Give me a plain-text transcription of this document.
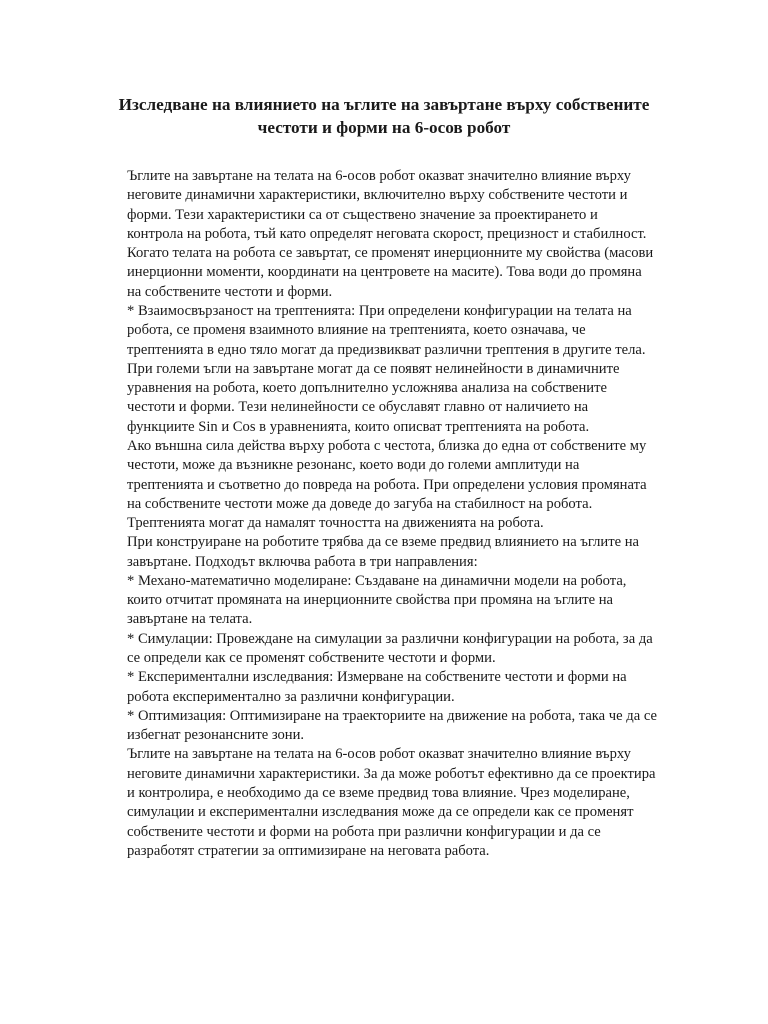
Изследване на влиянието на ъглите на завъртане върху собствените честоти и форми на 6-осов робот

Ъглите на завъртане на телата на 6-осов робот оказват значително влияние върху неговите динамични характеристики, включително върху собствените честоти и форми. Тези характеристики са от съществено значение за проектирането и контрола на робота, тъй като определят неговата скорост, прецизност и стабилност.

Когато телата на робота се завъртат, се променят инерционните му свойства (масови инерционни моменти, координати на центровете на масите). Това води до промяна на собствените честоти и форми.

* Взаимосвързаност на трептенията: При определени конфигурации на телата на робота, се променя взаимното влияние на трептенията, което означава, че трептенията в едно тяло могат да предизвикват различни трептения в другите тела.

При големи ъгли на завъртане могат да се появят нелинейности в динамичните уравнения на робота, което допълнително усложнява анализа на собствените честоти и форми. Тези нелинейности се обуславят главно от наличието на функциите Sin и Cos в уравненията, които описват трептенията на робота.

Ако външна сила действа върху робота с честота, близка до една от собствените му честоти, може да възникне резонанс, което води до големи амплитуди на трептенията и съответно до повреда на робота. При определени условия промяната на собствените честоти може да доведе до загуба на стабилност на робота. Трептенията могат да намалят точността на движенията на робота.

При конструиране на роботите трябва да се вземе предвид влиянието на ъглите на завъртане. Подходът включва работа в три направления:

* Механо-математично моделиране: Създаване на динамични модели на робота, които отчитат промяната на инерционните свойства при промяна на ъглите на завъртане на телата.

* Симулации: Провеждане на симулации за различни конфигурации на робота, за да се определи как се променят собствените честоти и форми.

* Експериментални изследвания: Измерване на собствените честоти и форми на робота експериментално за различни конфигурации.

* Оптимизация: Оптимизиране на траекториите на движение на робота, така че да се избегнат резонансните зони.

Ъглите на завъртане на телата на 6-осов робот оказват значително влияние върху неговите динамични характеристики. За да може роботът ефективно да се проектира и контролира, е необходимо да се вземе предвид това влияние. Чрез моделиране, симулации и експериментални изследвания може да се определи как се променят собствените честоти и форми на робота при различни конфигурации и да се разработят стратегии за оптимизиране на неговата работа.
